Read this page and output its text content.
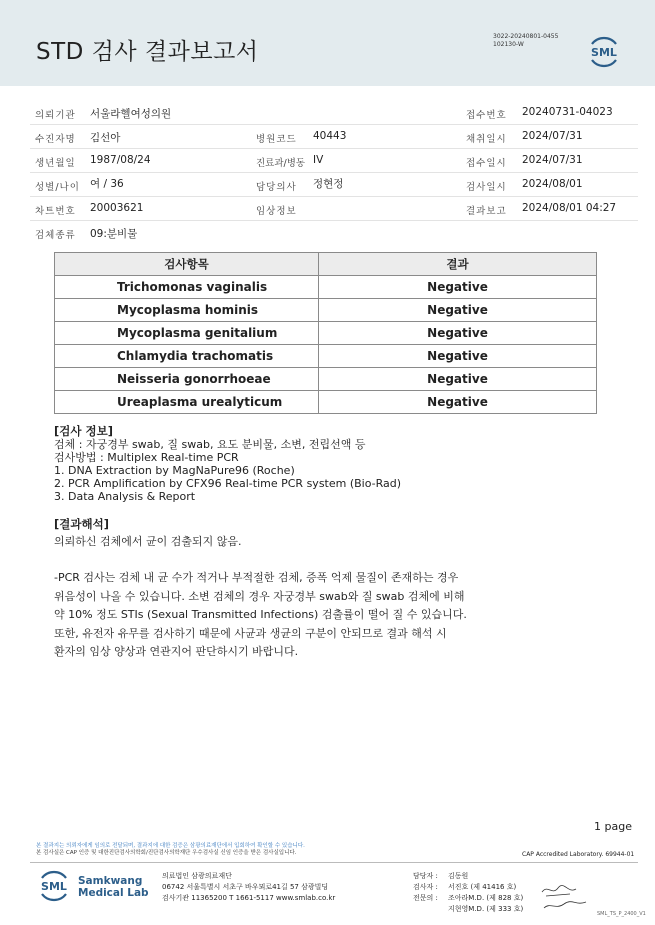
STD 검사 결과보고서
3022-20240801-0455
102130-W
SML
의뢰기관 서울라헬여성의원	접수번호 20240731-04023
수진자명 김선아	병원코드 40443	채취일시 2024/07/31
생년월일 1987/08/24	진료과/병동 IV	접수일시 2024/07/31
성별/나이 여 / 36	담당의사 정현정	검사일시 2024/08/01
차트번호 20003621	임상정보	결과보고 2024/08/01 04:27
검체종류 09:분비물
검사항목	결과
Trichomonas vaginalis	Negative
Mycoplasma hominis	Negative
Mycoplasma genitalium	Negative
Chlamydia trachomatis	Negative
Neisseria gonorrhoeae	Negative
Ureaplasma urealyticum	Negative
[검사 정보]
검체 : 자궁경부 swab, 질 swab, 요도 분비물, 소변, 전립선액 등
검사방법 : Multiplex Real-time PCR
1. DNA Extraction by MagNaPure96 (Roche)
2. PCR Amplification by CFX96 Real-time PCR system (Bio-Rad)
3. Data Analysis & Report
[결과해석]
의뢰하신 검체에서 균이 검출되지 않음.
-PCR 검사는 검체 내 균 수가 적거나 부적절한 검체, 증폭 억제 물질이 존재하는 경우
위음성이 나올 수 있습니다. 소변 검체의 경우 자궁경부 swab와 질 swab 검체에 비해
약 10% 정도 STIs (Sexual Transmitted Infections) 검출률이 떨어 질 수 있습니다.
또한, 유전자 유무를 검사하기 때문에 사균과 생균의 구분이 안되므로 결과 해석 시
환자의 임상 양상과 연관지어 판단하시기 바랍니다.
1 page
본 결과지는 의뢰자에게 임의로 전달되며, 결과지에 대한 검증은 삼광의료재단에서 입회하여 확인할 수 있습니다.
본 검사실은 CAP 인증 및 대한진단검사의학회/진단검사의학재단 우수검사실 신임 인증을 받은 검사실입니다.	CAP Accredited Laboratory. 69944-01
SML Samkwang
Medical Lab
의료법인 삼광의료재단
06742 서울특별시 서초구 바우뫼로41길 57 삼광빌딩
검사기관 11365200 T 1661-5117 www.smlab.co.kr
담당자 :	김동원
검사자 :	서진호 (제 41416 호)
전문의 :	조아라M.D. (제 828 호)
지현영M.D. (제 333 호)
SML_TS_P_2400_V1
